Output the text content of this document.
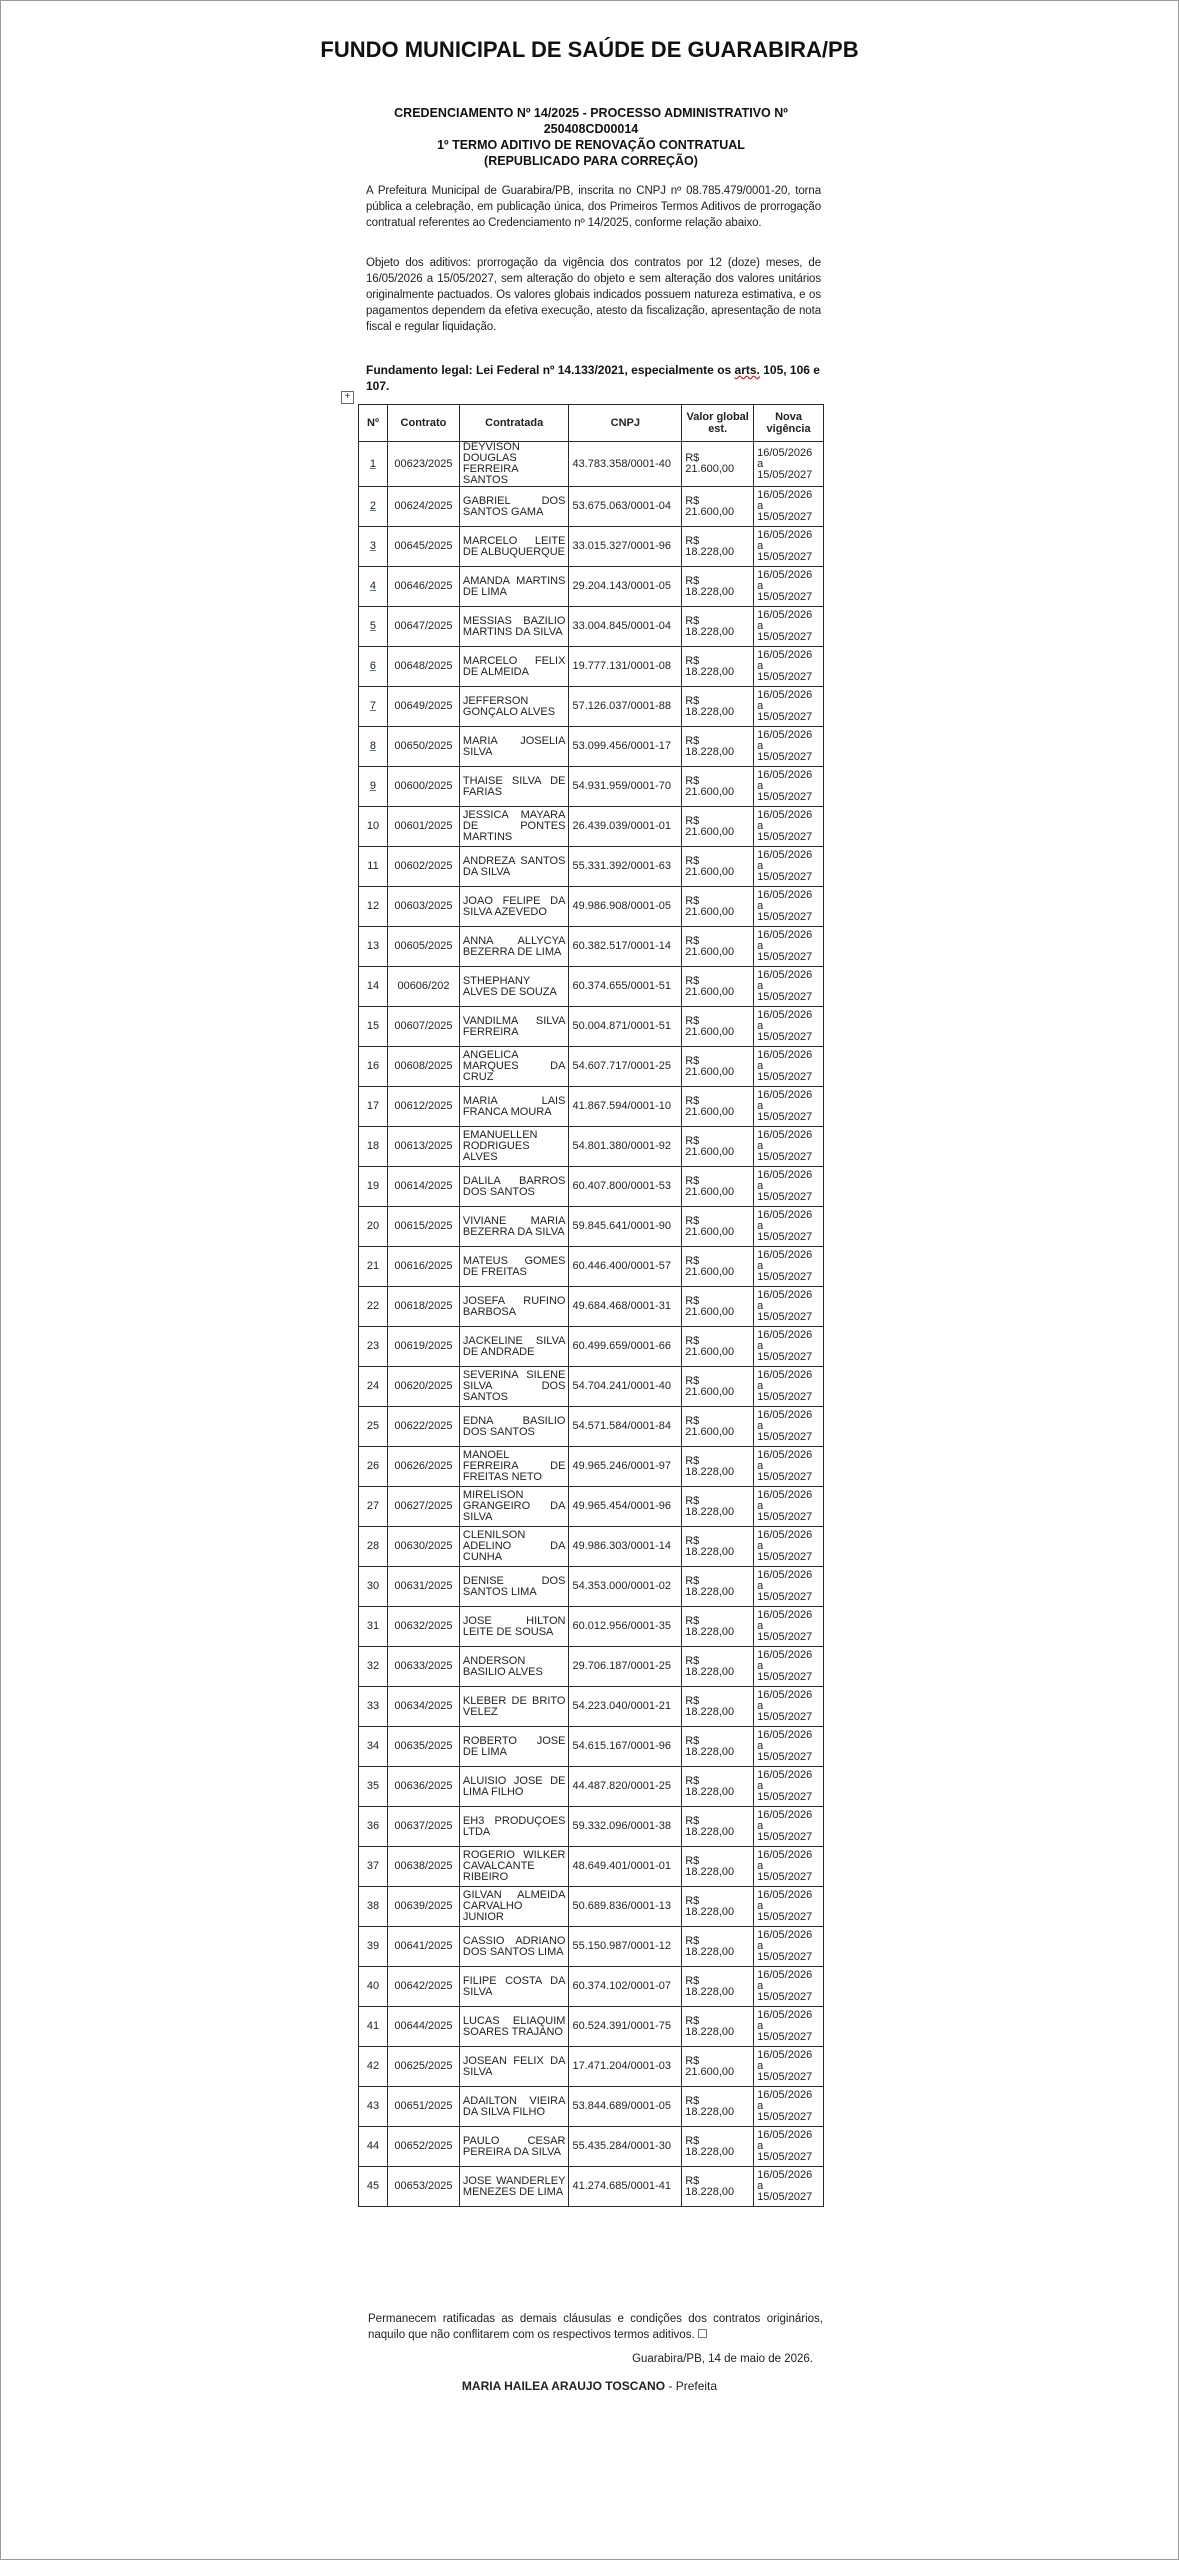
FUNDO MUNICIPAL DE SAÚDE DE GUARABIRA/PB
CREDENCIAMENTO Nº 14/2025 - PROCESSO ADMINISTRATIVO Nº
250408CD00014
1º TERMO ADITIVO DE RENOVAÇÃO CONTRATUAL
(REPUBLICADO PARA CORREÇÃO)
A Prefeitura Municipal de Guarabira/PB, inscrita no CNPJ nº 08.785.479/0001-20, torna pública a celebração, em publicação única, dos Primeiros Termos Aditivos de prorrogação contratual referentes ao Credenciamento nº 14/2025, conforme relação abaixo.
Objeto dos aditivos: prorrogação da vigência dos contratos por 12 (doze) meses, de 16/05/2026 a 15/05/2027, sem alteração do objeto e sem alteração dos valores unitários originalmente pactuados. Os valores globais indicados possuem natureza estimativa, e os pagamentos dependem da efetiva execução, atesto da fiscalização, apresentação de nota fiscal e regular liquidação.
Fundamento legal: Lei Federal nº 14.133/2021, especialmente os arts. 105, 106 e 107.
+
Nº	Contrato	Contratada	CNPJ	Valor global est.	Nova vigência
1	00623/2025	DEYVISON DOUGLAS FERREIRA SANTOS	43.783.358/0001-40	R$ 21.600,00	16/05/2026 a 15/05/2027
2	00624/2025	GABRIEL DOS SANTOS GAMA	53.675.063/0001-04	R$ 21.600,00	16/05/2026 a 15/05/2027
3	00645/2025	MARCELO LEITE DE ALBUQUERQUE	33.015.327/0001-96	R$ 18.228,00	16/05/2026 a 15/05/2027
4	00646/2025	AMANDA MARTINS DE LIMA	29.204.143/0001-05	R$ 18.228,00	16/05/2026 a 15/05/2027
5	00647/2025	MESSIAS BAZILIO MARTINS DA SILVA	33.004.845/0001-04	R$ 18.228,00	16/05/2026 a 15/05/2027
6	00648/2025	MARCELO FELIX DE ALMEIDA	19.777.131/0001-08	R$ 18.228,00	16/05/2026 a 15/05/2027
7	00649/2025	JEFFERSON GONÇALO ALVES	57.126.037/0001-88	R$ 18.228,00	16/05/2026 a 15/05/2027
8	00650/2025	MARIA JOSELIA SILVA	53.099.456/0001-17	R$ 18.228,00	16/05/2026 a 15/05/2027
9	00600/2025	THAISE SILVA DE FARIAS	54.931.959/0001-70	R$ 21.600,00	16/05/2026 a 15/05/2027
10	00601/2025	JESSICA MAYARA DE PONTES MARTINS	26.439.039/0001-01	R$ 21.600,00	16/05/2026 a 15/05/2027
11	00602/2025	ANDREZA SANTOS DA SILVA	55.331.392/0001-63	R$ 21.600,00	16/05/2026 a 15/05/2027
12	00603/2025	JOAO FELIPE DA SILVA AZEVEDO	49.986.908/0001-05	R$ 21.600,00	16/05/2026 a 15/05/2027
13	00605/2025	ANNA ALLYCYA BEZERRA DE LIMA	60.382.517/0001-14	R$ 21.600,00	16/05/2026 a 15/05/2027
14	00606/202	STHEPHANY ALVES DE SOUZA	60.374.655/0001-51	R$ 21.600,00	16/05/2026 a 15/05/2027
15	00607/2025	VANDILMA SILVA FERREIRA	50.004.871/0001-51	R$ 21.600,00	16/05/2026 a 15/05/2027
16	00608/2025	ANGELICA MARQUES DA CRUZ	54.607.717/0001-25	R$ 21.600,00	16/05/2026 a 15/05/2027
17	00612/2025	MARIA LAIS FRANCA MOURA	41.867.594/0001-10	R$ 21.600,00	16/05/2026 a 15/05/2027
18	00613/2025	EMANUELLEN RODRIGUES ALVES	54.801.380/0001-92	R$ 21.600,00	16/05/2026 a 15/05/2027
19	00614/2025	DALILA BARROS DOS SANTOS	60.407.800/0001-53	R$ 21.600,00	16/05/2026 a 15/05/2027
20	00615/2025	VIVIANE MARIA BEZERRA DA SILVA	59.845.641/0001-90	R$ 21.600,00	16/05/2026 a 15/05/2027
21	00616/2025	MATEUS GOMES DE FREITAS	60.446.400/0001-57	R$ 21.600,00	16/05/2026 a 15/05/2027
22	00618/2025	JOSEFA RUFINO BARBOSA	49.684.468/0001-31	R$ 21.600,00	16/05/2026 a 15/05/2027
23	00619/2025	JACKELINE SILVA DE ANDRADE	60.499.659/0001-66	R$ 21.600,00	16/05/2026 a 15/05/2027
24	00620/2025	SEVERINA SILENE SILVA DOS SANTOS	54.704.241/0001-40	R$ 21.600,00	16/05/2026 a 15/05/2027
25	00622/2025	EDNA BASILIO DOS SANTOS	54.571.584/0001-84	R$ 21.600,00	16/05/2026 a 15/05/2027
26	00626/2025	MANOEL FERREIRA DE FREITAS NETO	49.965.246/0001-97	R$ 18.228,00	16/05/2026 a 15/05/2027
27	00627/2025	MIRELISON GRANGEIRO DA SILVA	49.965.454/0001-96	R$ 18.228,00	16/05/2026 a 15/05/2027
28	00630/2025	CLENILSON ADELINO DA CUNHA	49.986.303/0001-14	R$ 18.228,00	16/05/2026 a 15/05/2027
30	00631/2025	DENISE DOS SANTOS LIMA	54.353.000/0001-02	R$ 18.228,00	16/05/2026 a 15/05/2027
31	00632/2025	JOSE HILTON LEITE DE SOUSA	60.012.956/0001-35	R$ 18.228,00	16/05/2026 a 15/05/2027
32	00633/2025	ANDERSON BASILIO ALVES	29.706.187/0001-25	R$ 18.228,00	16/05/2026 a 15/05/2027
33	00634/2025	KLEBER DE BRITO VELEZ	54.223.040/0001-21	R$ 18.228,00	16/05/2026 a 15/05/2027
34	00635/2025	ROBERTO JOSE DE LIMA	54.615.167/0001-96	R$ 18.228,00	16/05/2026 a 15/05/2027
35	00636/2025	ALUISIO JOSE DE LIMA FILHO	44.487.820/0001-25	R$ 18.228,00	16/05/2026 a 15/05/2027
36	00637/2025	EH3 PRODUÇOES LTDA	59.332.096/0001-38	R$ 18.228,00	16/05/2026 a 15/05/2027
37	00638/2025	ROGERIO WILKER CAVALCANTE RIBEIRO	48.649.401/0001-01	R$ 18.228,00	16/05/2026 a 15/05/2027
38	00639/2025	GILVAN ALMEIDA CARVALHO JUNIOR	50.689.836/0001-13	R$ 18.228,00	16/05/2026 a 15/05/2027
39	00641/2025	CASSIO ADRIANO DOS SANTOS LIMA	55.150.987/0001-12	R$ 18.228,00	16/05/2026 a 15/05/2027
40	00642/2025	FILIPE COSTA DA SILVA	60.374.102/0001-07	R$ 18.228,00	16/05/2026 a 15/05/2027
41	00644/2025	LUCAS ELIAQUIM SOARES TRAJANO	60.524.391/0001-75	R$ 18.228,00	16/05/2026 a 15/05/2027
42	00625/2025	JOSEAN FELIX DA SILVA	17.471.204/0001-03	R$ 21.600,00	16/05/2026 a 15/05/2027
43	00651/2025	ADAILTON VIEIRA DA SILVA FILHO	53.844.689/0001-05	R$ 18.228,00	16/05/2026 a 15/05/2027
44	00652/2025	PAULO CESAR PEREIRA DA SILVA	55.435.284/0001-30	R$ 18.228,00	16/05/2026 a 15/05/2027
45	00653/2025	JOSE WANDERLEY MENEZES DE LIMA	41.274.685/0001-41	R$ 18.228,00	16/05/2026 a 15/05/2027
Permanecem ratificadas as demais cláusulas e condições dos contratos originários, naquilo que não conflitarem com os respectivos termos aditivos.
Guarabira/PB, 14 de maio de 2026.
MARIA HAILEA ARAUJO TOSCANO - Prefeita
